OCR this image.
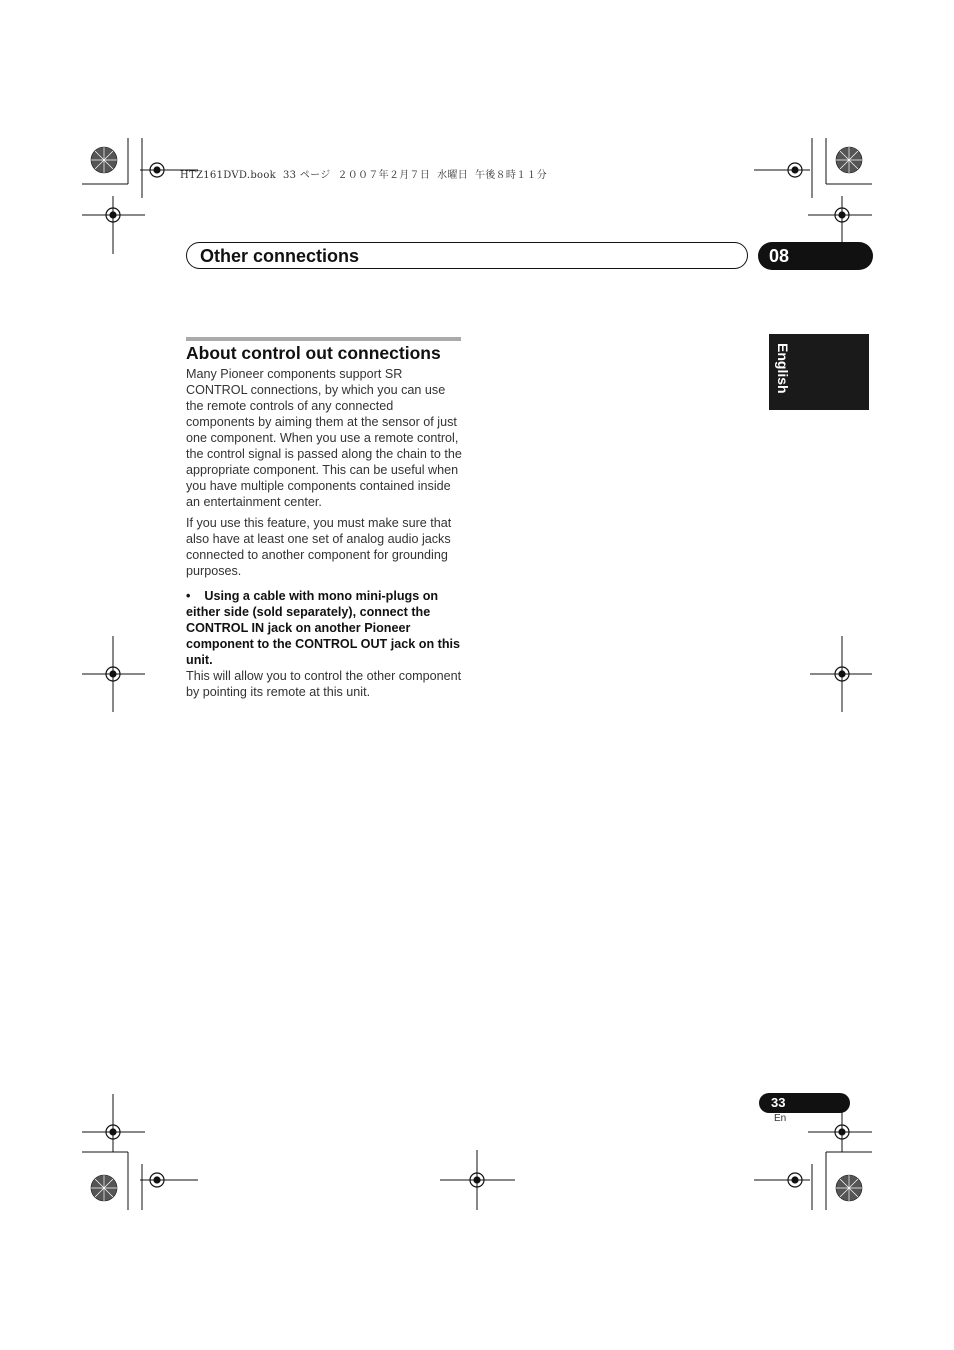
HTZ161DVD.book  33 ページ  ２００７年２月７日  水曜日  午後８時１１分
Other connections	08
English
About control out connections

Many Pioneer components support SR CONTROL connections, by which you can use the remote controls of any connected components by aiming them at the sensor of just one component. When you use a remote control, the control signal is passed along the chain to the appropriate component. This can be useful when you have multiple components contained inside an entertainment center.

If you use this feature, you must make sure that also have at least one set of analog audio jacks connected to another component for grounding purposes.

• Using a cable with mono mini-plugs on either side (sold separately), connect the CONTROL IN jack on another Pioneer component to the CONTROL OUT jack on this unit.

This will allow you to control the other component by pointing its remote at this unit.

33
En
